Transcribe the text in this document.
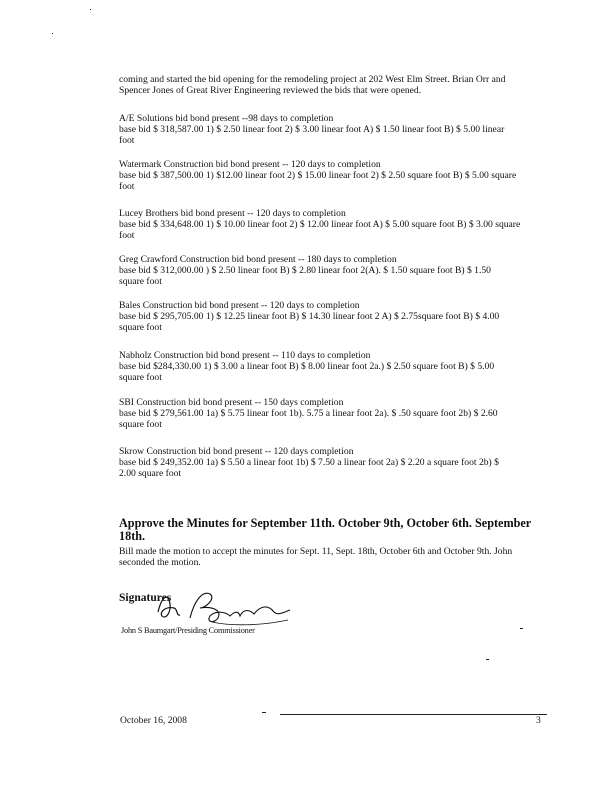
coming and started the bid opening for the remodeling project at 202 West Elm Street. Brian Orr and
Spencer Jones of Great River Engineering reviewed the bids that were opened.
A/E Solutions bid bond present --98 days to completion
base bid $ 318,587.00 1) $ 2.50 linear foot 2) $ 3.00 linear foot A) $ 1.50 linear foot B) $ 5.00 linear
foot
Watermark Construction bid bond present -- 120 days to completion
base bid $ 387,500.00 1) $12.00 linear foot 2) $ 15.00 linear foot 2) $ 2.50 square foot B) $ 5.00 square
foot
Lucey Brothers bid bond present -- 120 days to completion
base bid $ 334,648.00 1) $ 10.00 linear foot 2) $ 12.00 linear foot A) $ 5.00 square foot B) $ 3.00 square
foot
Greg Crawford Construction bid bond present -- 180 days to completion
base bid $ 312,000.00 ) $ 2.50 linear foot B) $ 2.80 linear foot 2(A). $ 1.50 square foot B) $ 1.50
square foot
Bales Construction bid bond present -- 120 days to completion
base bid $ 295,705.00 1) $ 12.25 linear foot B) $ 14.30 linear foot 2 A) $ 2.75square foot B) $ 4.00
square foot
Nabholz Construction bid bond present -- 110 days to completion
base bid $284,330.00 1) $ 3.00 a linear foot B) $ 8.00 linear foot 2a.) $ 2.50 square foot B) $ 5.00
square foot
SBI Construction bid bond present -- 150 days completion
base bid $ 279,561.00 1a) $ 5.75 linear foot 1b). 5.75 a linear foot 2a). $ .50 square foot 2b) $ 2.60
square foot
Skrow Construction bid bond present -- 120 days completion
base bid $ 249,352.00 1a) $ 5.50 a linear foot 1b) $ 7.50 a linear foot 2a) $ 2.20 a square foot 2b) $
2.00 square foot
Approve the Minutes for September 11th. October 9th, October 6th. September 18th.
Bill made the motion to accept the minutes for Sept. 11, Sept. 18th, October 6th and October 9th. John
seconded the motion.
Signatures
John S Baumgart/Presiding Commissioner
October 16, 2008	3
